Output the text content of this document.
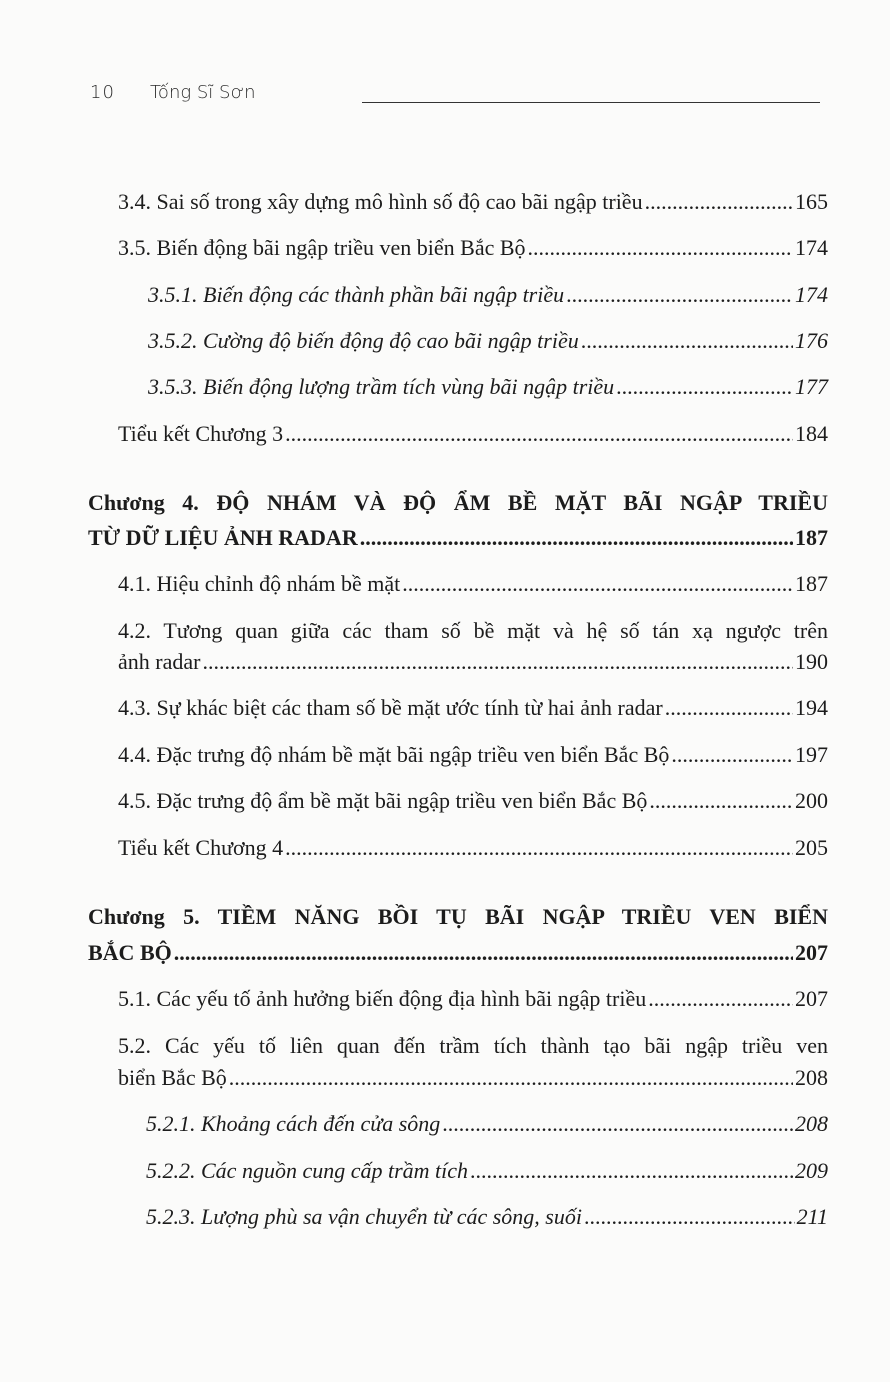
10 Tống Sĩ Sơn
3.4. Sai số trong xây dựng mô hình số độ cao bãi ngập triều .....	165
3.5. Biến động bãi ngập triều ven biển Bắc Bộ .....	174
3.5.1. Biến động các thành phần bãi ngập triều .....	174
3.5.2. Cường độ biến động độ cao bãi ngập triều .....	176
3.5.3. Biến động lượng trầm tích vùng bãi ngập triều .....	177
Tiểu kết Chương 3 .....	184
Chương 4. ĐỘ NHÁM VÀ ĐỘ ẨM BỀ MẶT BÃI NGẬP TRIỀU
TỪ DỮ LIỆU ẢNH RADAR .....	187
4.1. Hiệu chỉnh độ nhám bề mặt .....	187
4.2. Tương quan giữa các tham số bề mặt và hệ số tán xạ ngược trên
ảnh radar .....	190
4.3. Sự khác biệt các tham số bề mặt ước tính từ hai ảnh radar .....	194
4.4. Đặc trưng độ nhám bề mặt bãi ngập triều ven biển Bắc Bộ .....	197
4.5. Đặc trưng độ ẩm bề mặt bãi ngập triều ven biển Bắc Bộ .....	200
Tiểu kết Chương 4 .....	205
Chương 5. TIỀM NĂNG BỒI TỤ BÃI NGẬP TRIỀU VEN BIỂN
BẮC BỘ .....	207
5.1. Các yếu tố ảnh hưởng biến động địa hình bãi ngập triều .....	207
5.2. Các yếu tố liên quan đến trầm tích thành tạo bãi ngập triều ven
biển Bắc Bộ .....	208
5.2.1. Khoảng cách đến cửa sông .....	208
5.2.2. Các nguồn cung cấp trầm tích .....	209
5.2.3. Lượng phù sa vận chuyển từ các sông, suối .....	211
